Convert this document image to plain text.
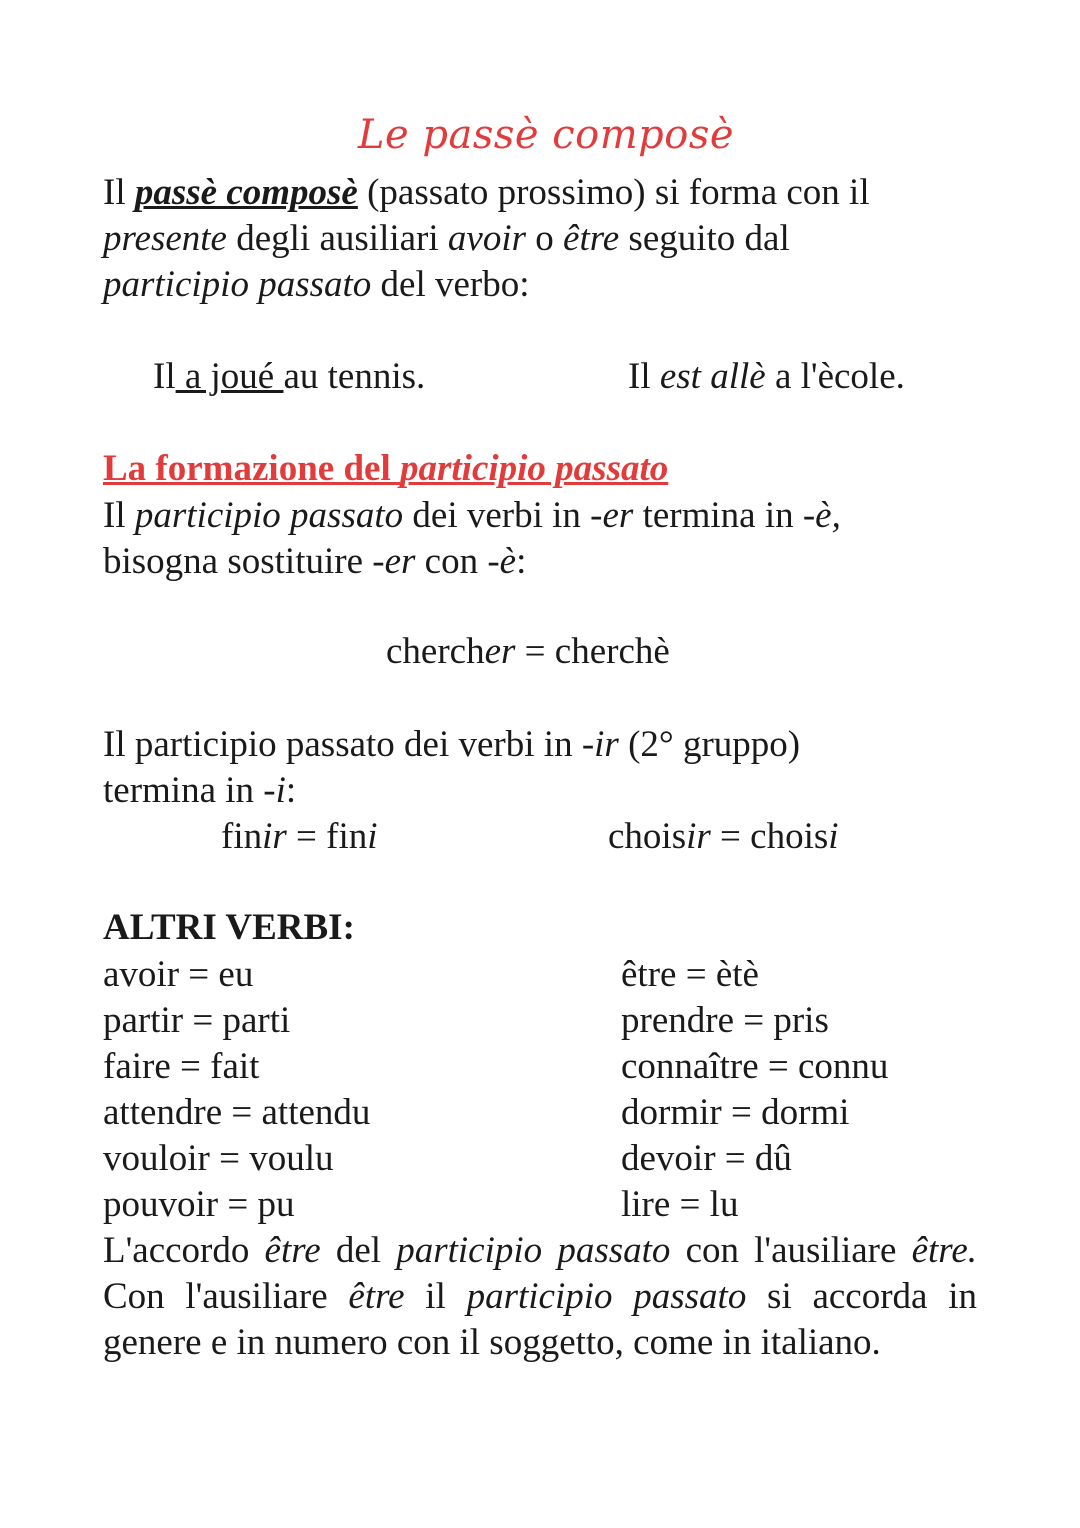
Le passè composè
Il passè composè (passato prossimo) si forma con il
presente degli ausiliari avoir o être seguito dal
participio passato del verbo:
Il a joué au tennis.	Il est allè a l'ècole.
La formazione del participio passato
Il participio passato dei verbi in -er termina in -è,
bisogna sostituire -er con -è:
chercher = cherchè
Il participio passato dei verbi in -ir (2° gruppo)
termina in -i:
finir = fini	choisir = choisi
ALTRI VERBI:
avoir = eu
partir = parti
faire = fait
attendre = attendu
vouloir = voulu
pouvoir = pu
être = ètè
prendre = pris
connaître = connu
dormir = dormi
devoir = dû
lire = lu
L'accordo être del participio passato con l'ausiliare être. Con l'ausiliare être il participio passato si accorda in genere e in numero con il soggetto, come in italiano.
